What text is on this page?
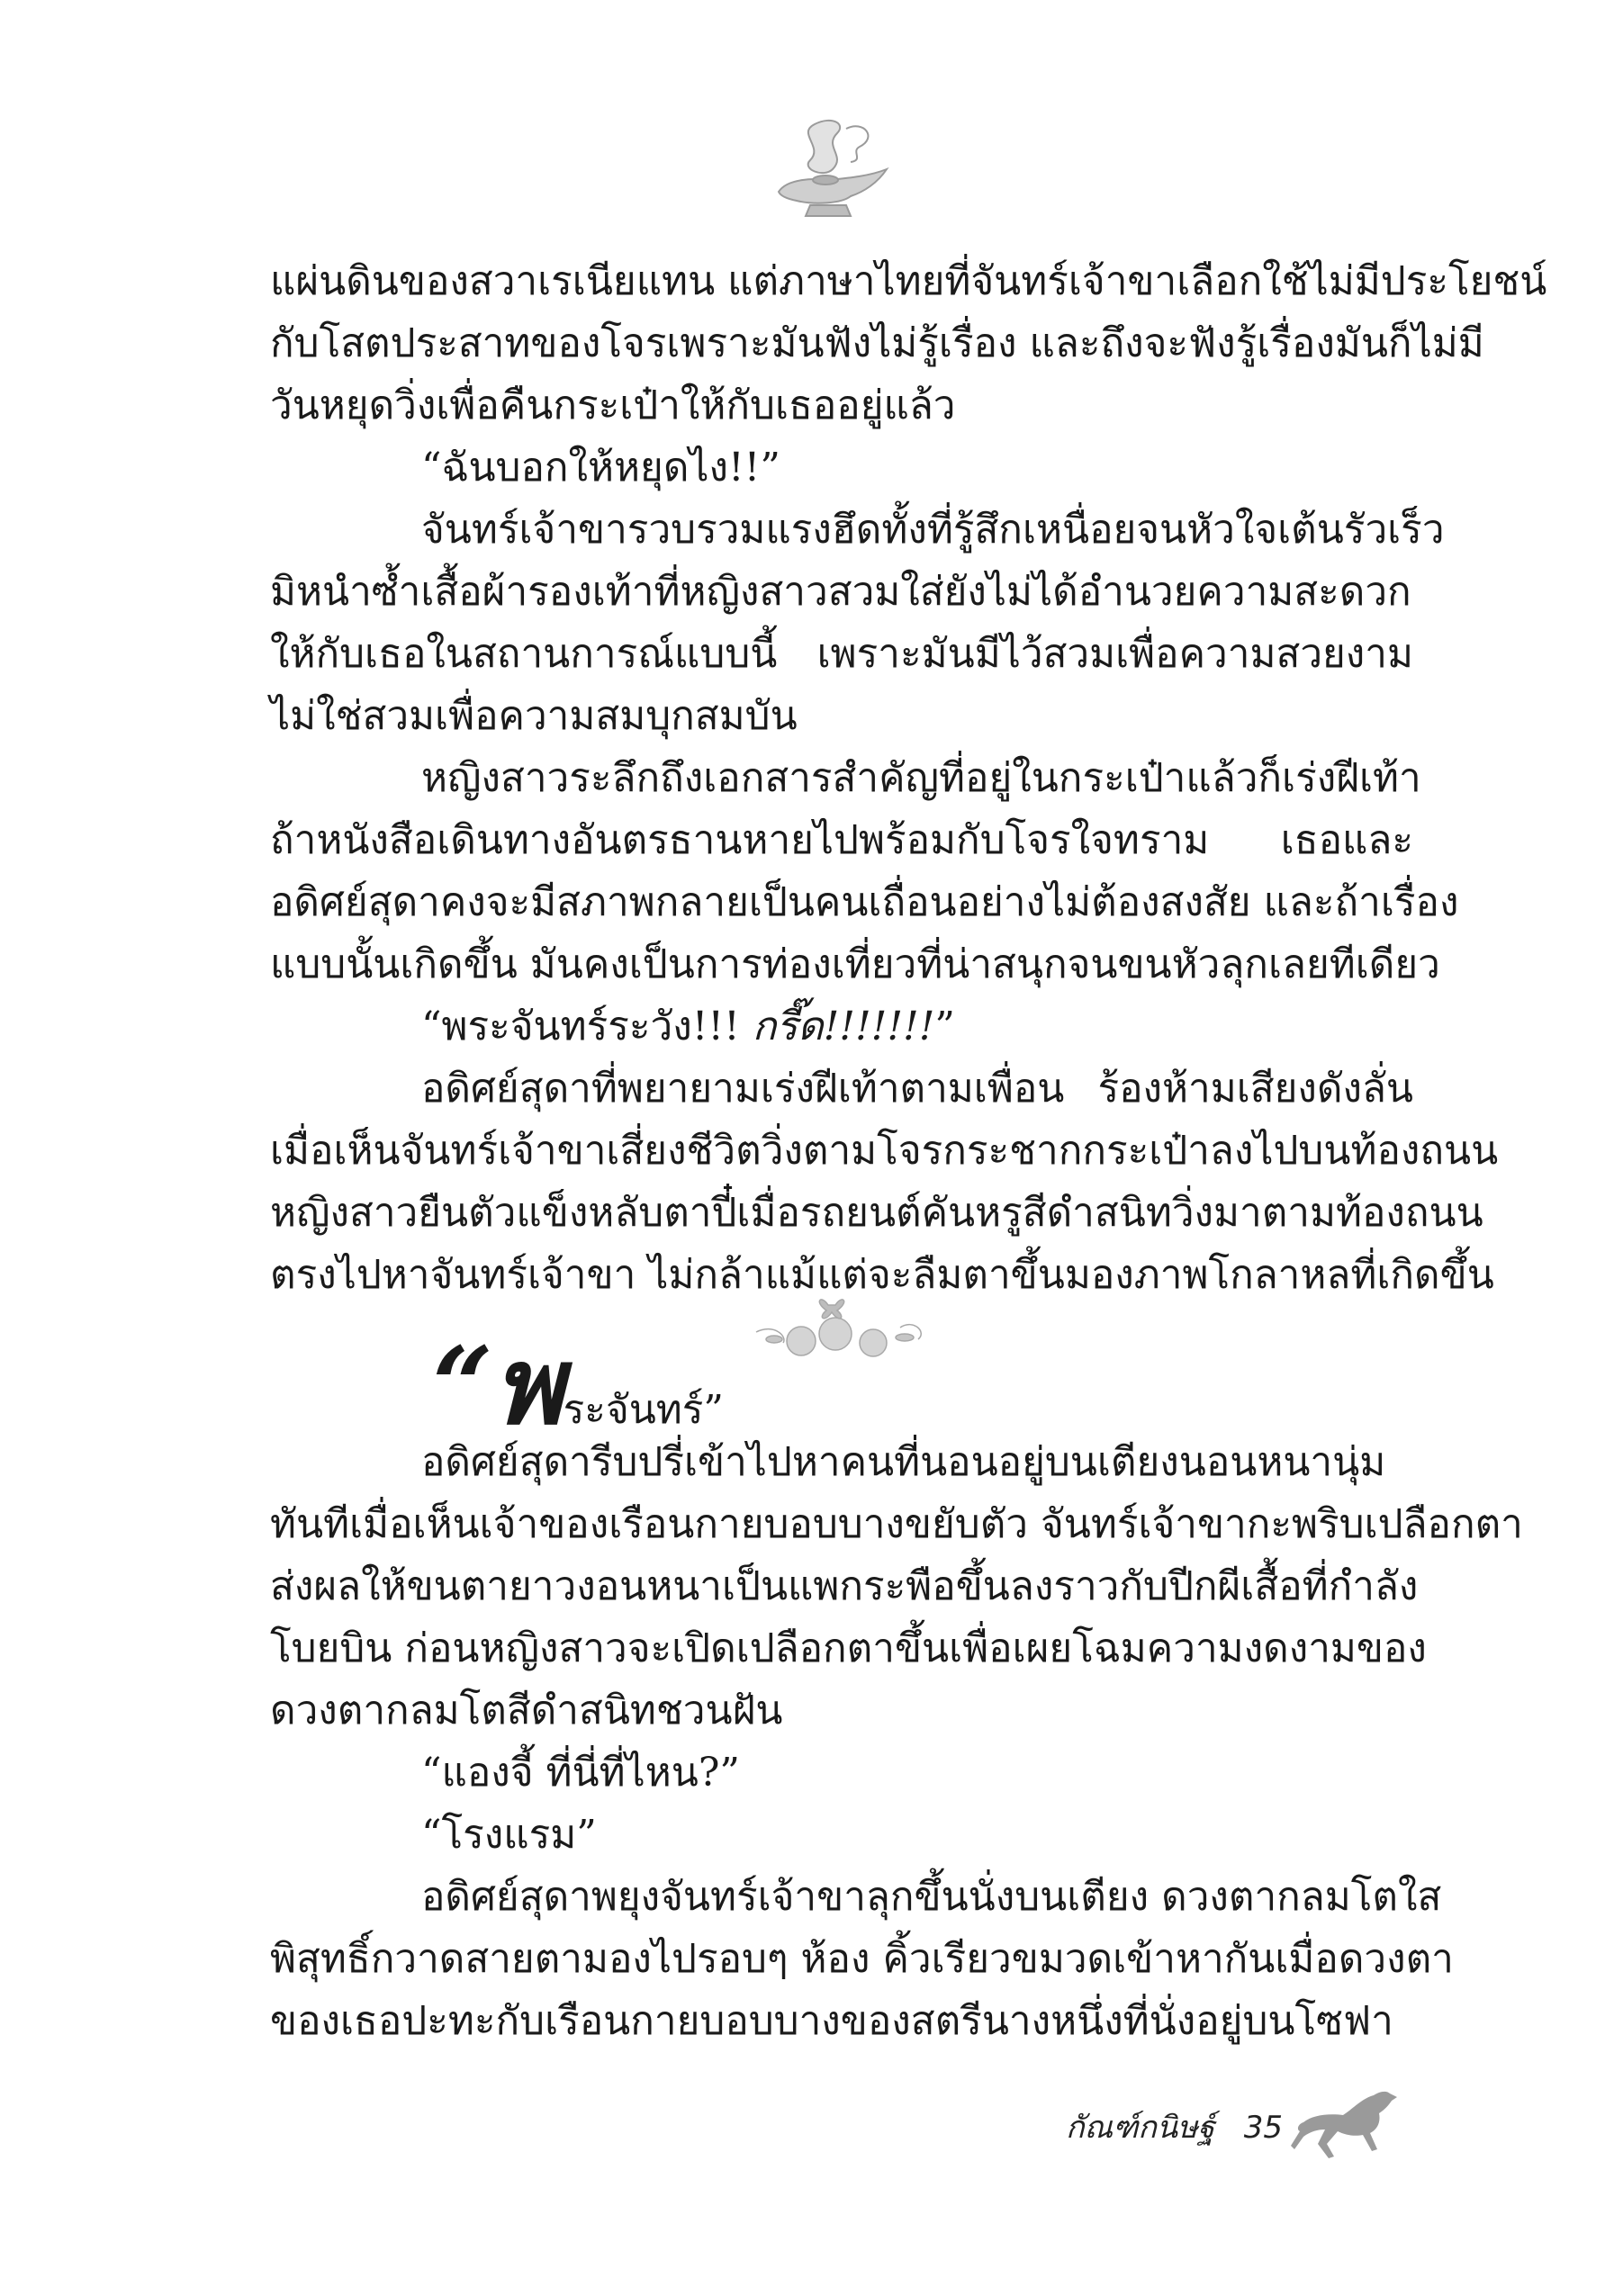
แผ่นดินของสวาเรเนียแทน แต่ภาษาไทยที่จันทร์เจ้าขาเลือกใช้ไม่มีประโยชน์
กับโสตประสาทของโจรเพราะมันฟังไม่รู้เรื่อง และถึงจะฟังรู้เรื่องมันก็ไม่มี
วันหยุดวิ่งเพื่อคืนกระเป๋าให้กับเธออยู่แล้ว
“ฉันบอกให้หยุดไง!!”
จันทร์เจ้าขารวบรวมแรงฮึดทั้งที่รู้สึกเหนื่อยจนหัวใจเต้นรัวเร็ว
มิหนำซ้ำเสื้อผ้ารองเท้าที่หญิงสาวสวมใส่ยังไม่ได้อำนวยความสะดวก
ให้กับเธอในสถานการณ์แบบนี้ เพราะมันมีไว้สวมเพื่อความสวยงาม
ไม่ใช่สวมเพื่อความสมบุกสมบัน
หญิงสาวระลึกถึงเอกสารสำคัญที่อยู่ในกระเป๋าแล้วก็เร่งฝีเท้า
ถ้าหนังสือเดินทางอันตรธานหายไปพร้อมกับโจรใจทราม เธอและ
อดิศย์สุดาคงจะมีสภาพกลายเป็นคนเถื่อนอย่างไม่ต้องสงสัย และถ้าเรื่อง
แบบนั้นเกิดขึ้น มันคงเป็นการท่องเที่ยวที่น่าสนุกจนขนหัวลุกเลยทีเดียว
“พระจันทร์ระวัง!!! กรี๊ด!!!!!!!”
อดิศย์สุดาที่พยายามเร่งฝีเท้าตามเพื่อน ร้องห้ามเสียงดังลั่น
เมื่อเห็นจันทร์เจ้าขาเสี่ยงชีวิตวิ่งตามโจรกระชากกระเป๋าลงไปบนท้องถนน
หญิงสาวยืนตัวแข็งหลับตาปี๋เมื่อรถยนต์คันหรูสีดำสนิทวิ่งมาตามท้องถนน
ตรงไปหาจันทร์เจ้าขา ไม่กล้าแม้แต่จะลืมตาขึ้นมองภาพโกลาหลที่เกิดขึ้น
“พระจันทร์”
อดิศย์สุดารีบปรี่เข้าไปหาคนที่นอนอยู่บนเตียงนอนหนานุ่ม
ทันทีเมื่อเห็นเจ้าของเรือนกายบอบบางขยับตัว จันทร์เจ้าขากะพริบเปลือกตา
ส่งผลให้ขนตายาวงอนหนาเป็นแพกระพือขึ้นลงราวกับปีกผีเสื้อที่กำลัง
โบยบิน ก่อนหญิงสาวจะเปิดเปลือกตาขึ้นเพื่อเผยโฉมความงดงามของ
ดวงตากลมโตสีดำสนิทชวนฝัน
“แองจี้ ที่นี่ที่ไหน?”
“โรงแรม”
อดิศย์สุดาพยุงจันทร์เจ้าขาลุกขึ้นนั่งบนเตียง ดวงตากลมโตใส
พิสุทธิ์กวาดสายตามองไปรอบๆ ห้อง คิ้วเรียวขมวดเข้าหากันเมื่อดวงตา
ของเธอปะทะกับเรือนกายบอบบางของสตรีนางหนึ่งที่นั่งอยู่บนโซฟา
กัณฑ์กนิษฐ์ 35
